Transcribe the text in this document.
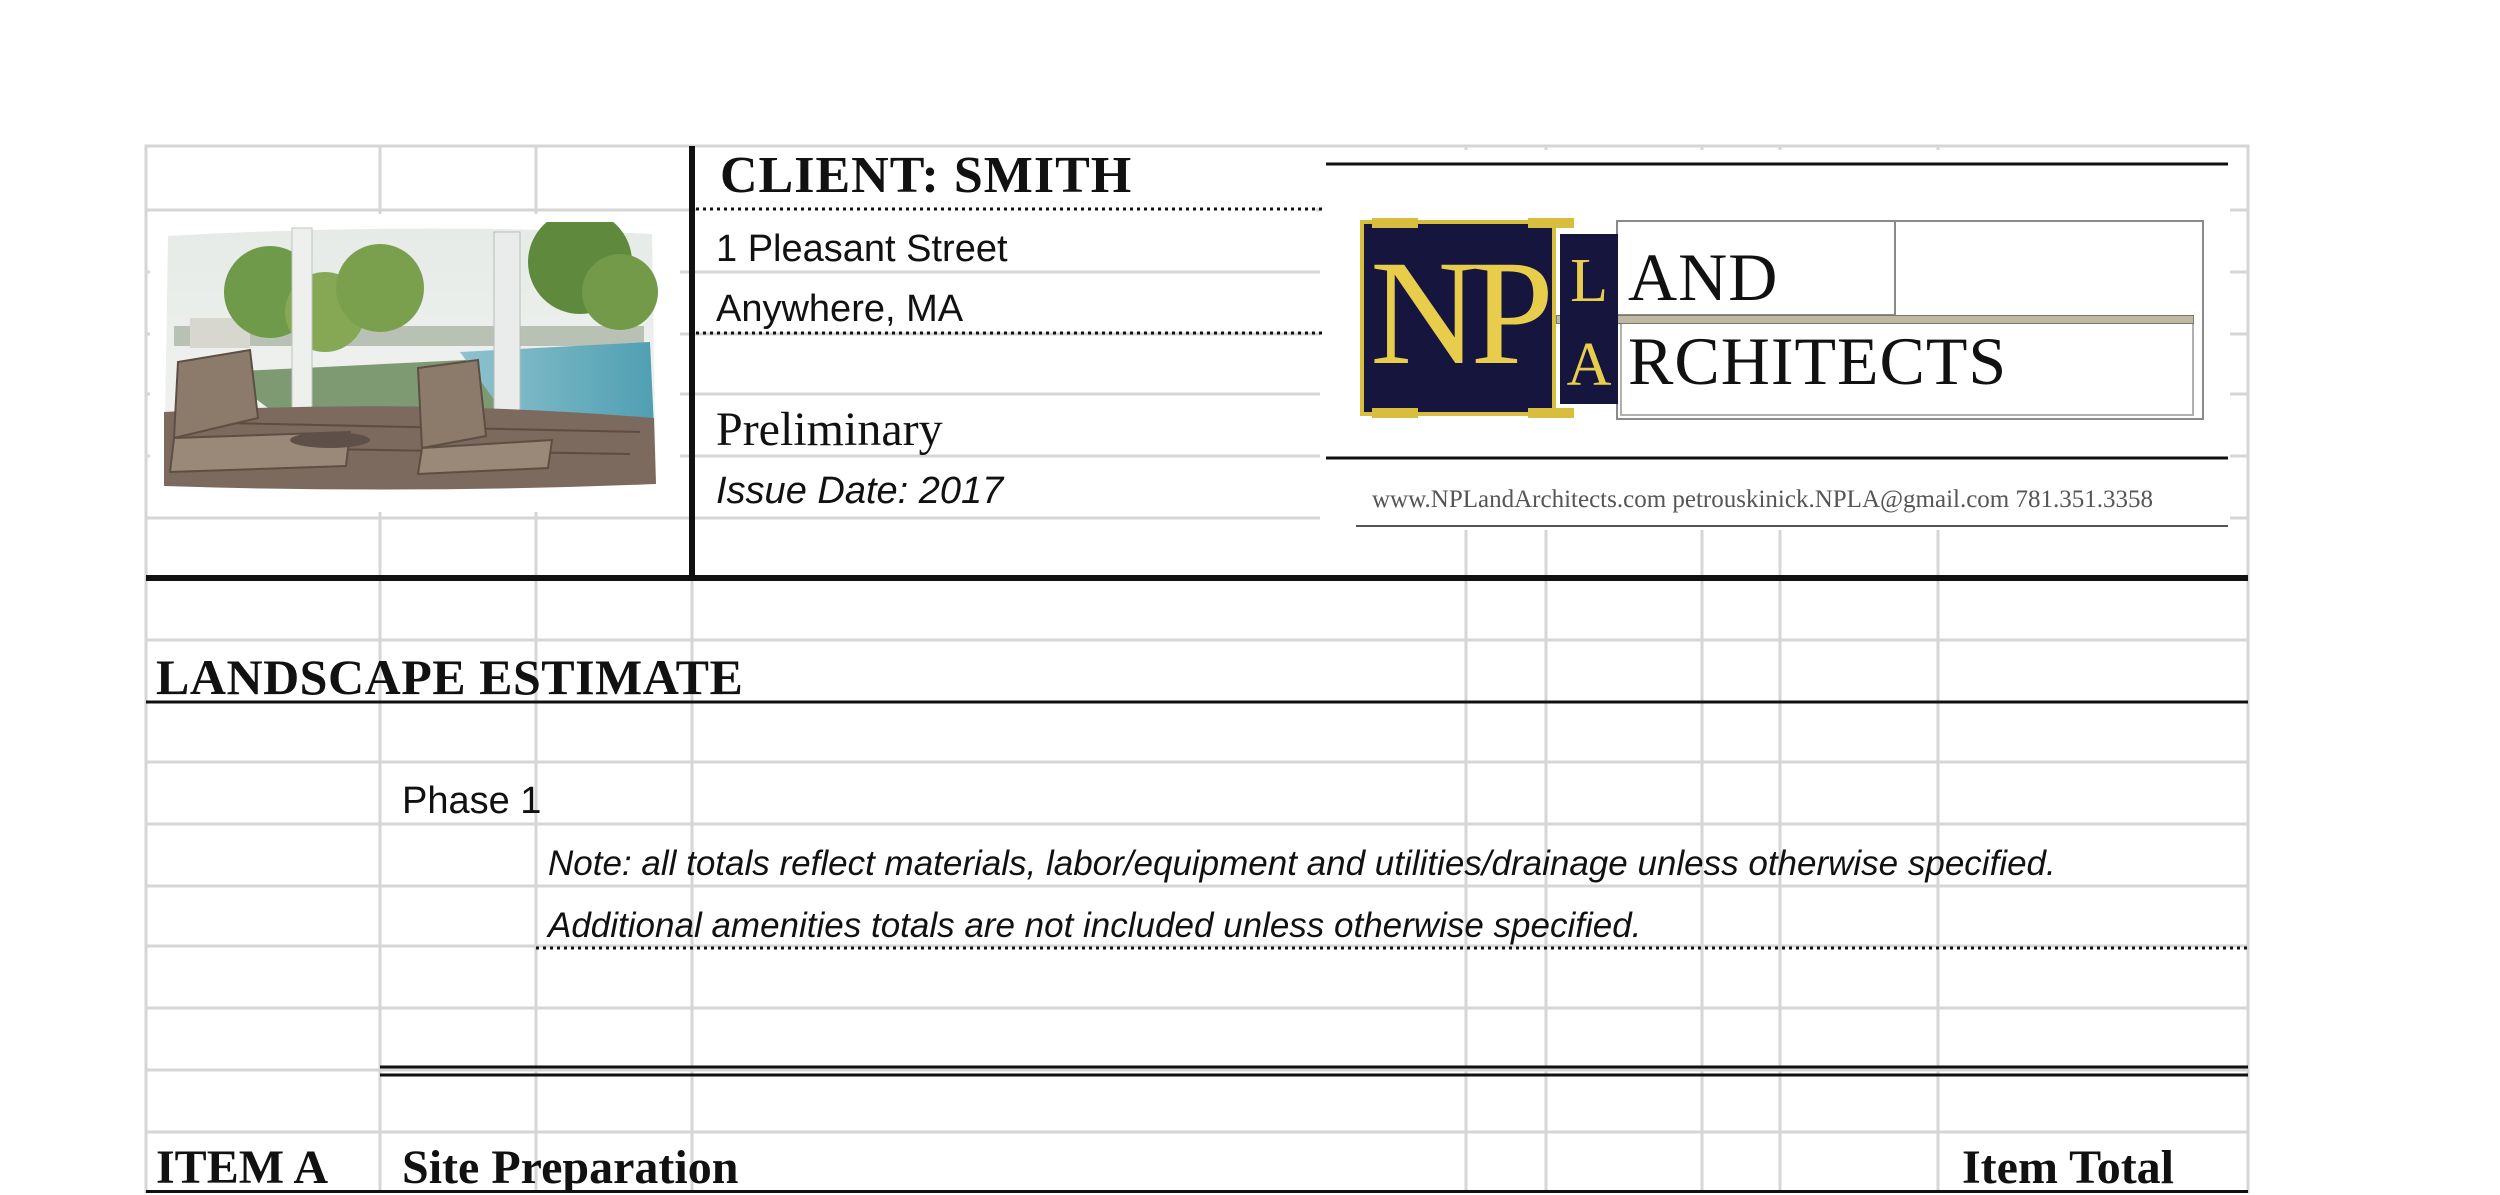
CLIENT: SMITH
1 Pleasant Street
Anywhere, MA
Preliminary
Issue Date: 2017
NP L
A
AND
RCHITECTS
www.NPLandArchitects.com petrouskinick.NPLA@gmail.com 781.351.3358
LANDSCAPE ESTIMATE
Phase 1
Note: all totals reflect materials, labor/equipment and utilities/drainage unless otherwise specified.
Additional amenities totals are not included unless otherwise specified.
ITEM A Site Preparation	Item Total
